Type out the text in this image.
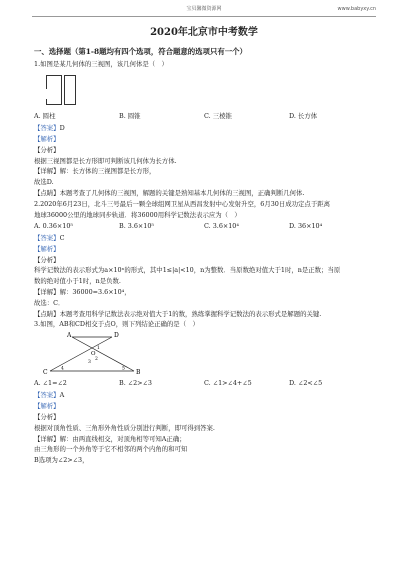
宝贝馨微资源网	www.babyxy.cn
2020年北京市中考数学
一、选择题（第1-8题均有四个选项，符合题意的选项只有一个）
1.如图是某几何体的三视图，该几何体是（　）
A. 圆柱	B. 圆锥	C. 三棱锥	D. 长方体
【答案】D
【解析】
【分析】
根据三视图都是长方形即可判断该几何体为长方体.
【详解】解：长方体的三视图都是长方形，
故选D.
【点睛】本题考查了几何体的三视图，解题的关键是熟知基本几何体的三视图，正确判断几何体.
2.2020年6月23日，北斗三号最后一颗全球组网卫星从西昌发射中心发射升空，6月30日成功定点于距离
地球36000公里的地球同步轨道．将36000用科学记数法表示应为（　）
A. 0.36×10⁵	B. 3.6×10⁵	C. 3.6×10⁴	D. 36×10⁴
【答案】C
【解析】
【分析】
科学记数法的表示形式为a×10ⁿ的形式，其中1≤|a|<10，n为整数．当原数绝对值大于1时，n是正数；当原
数的绝对值小于1时，n是负数.
【详解】解：36000=3.6×10⁴，
故选：C．
【点睛】本题考查用科学记数法表示绝对值大于1的数，熟练掌握科学记数法的表示形式是解题的关键.
3.如图，AB和CD相交于点O，则下列结论正确的是（　）
A	D
C	B
O
1
2
3
4	5
A. ∠1=∠2	B. ∠2>∠3	C. ∠1>∠4+∠5	D. ∠2<∠5
【答案】A
【解析】
【分析】
根据对顶角性质、三角形外角性质分别进行判断，即可得到答案.
【详解】解：由两直线相交，对顶角相等可知A正确；
由三角形的一个外角等于它不相邻的两个内角的和可知
B选项为∠2>∠3，
